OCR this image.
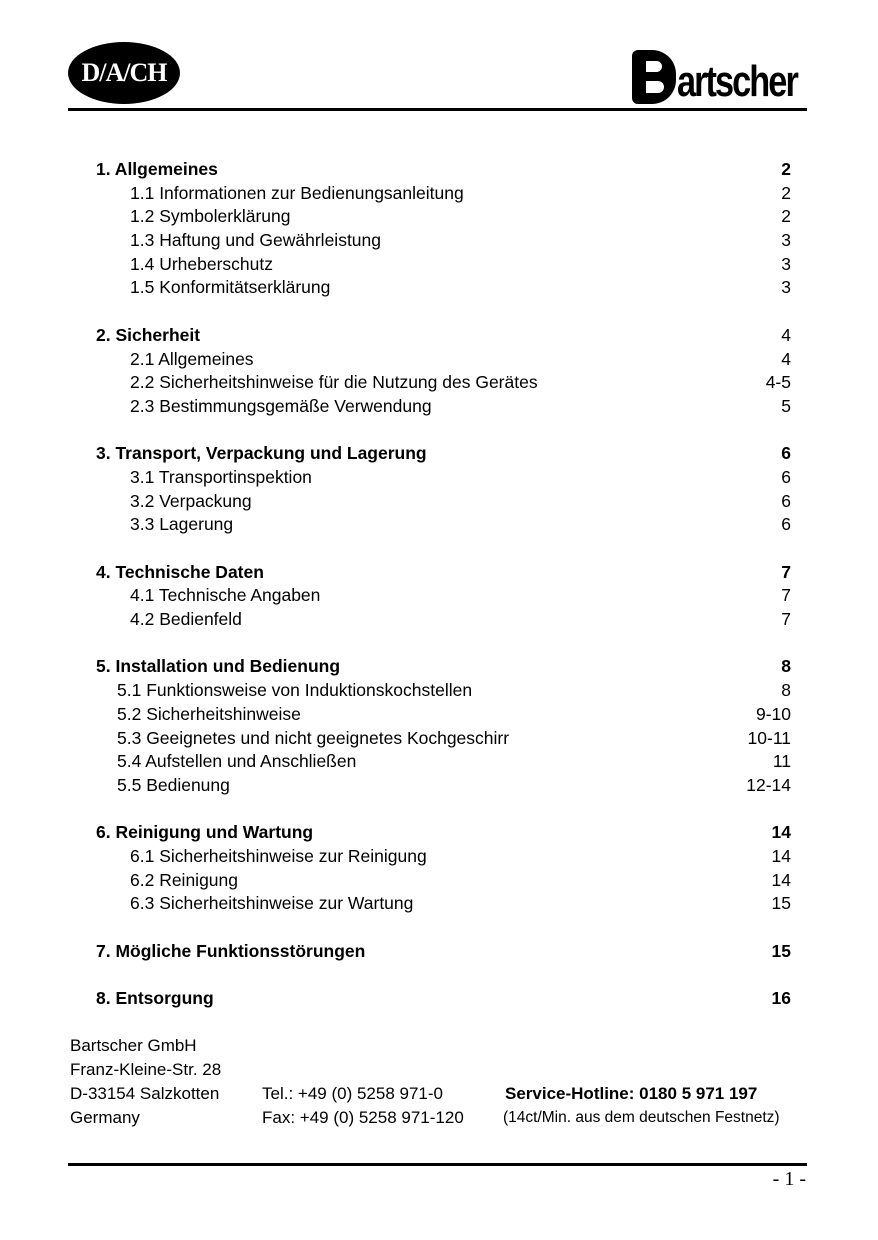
D/A/CH	artscher
1. Allgemeines	2
1.1 Informationen zur Bedienungsanleitung	2
1.2 Symbolerklärung	2
1.3 Haftung und Gewährleistung	3
1.4 Urheberschutz	3
1.5 Konformitätserklärung	3
2. Sicherheit	4
2.1 Allgemeines	4
2.2 Sicherheitshinweise für die Nutzung des Gerätes	4-5
2.3 Bestimmungsgemäße Verwendung	5
3. Transport, Verpackung und Lagerung	6
3.1 Transportinspektion	6
3.2 Verpackung	6
3.3 Lagerung	6
4. Technische Daten	7
4.1 Technische Angaben	7
4.2 Bedienfeld	7
5. Installation und Bedienung	8
5.1 Funktionsweise von Induktionskochstellen	8
5.2 Sicherheitshinweise	9-10
5.3 Geeignetes und nicht geeignetes Kochgeschirr	10-11
5.4 Aufstellen und Anschließen	11
5.5 Bedienung	12-14
6. Reinigung und Wartung	14
6.1 Sicherheitshinweise zur Reinigung	14
6.2 Reinigung	14
6.3 Sicherheitshinweise zur Wartung	15
7. Mögliche Funktionsstörungen	15
8. Entsorgung	16
Bartscher GmbH
Franz-Kleine-Str. 28
D-33154 Salzkotten	Tel.: +49 (0) 5258 971-0	Service-Hotline: 0180 5 971 197
Germany	Fax: +49 (0) 5258 971-120	(14ct/Min. aus dem deutschen Festnetz)
- 1 -
